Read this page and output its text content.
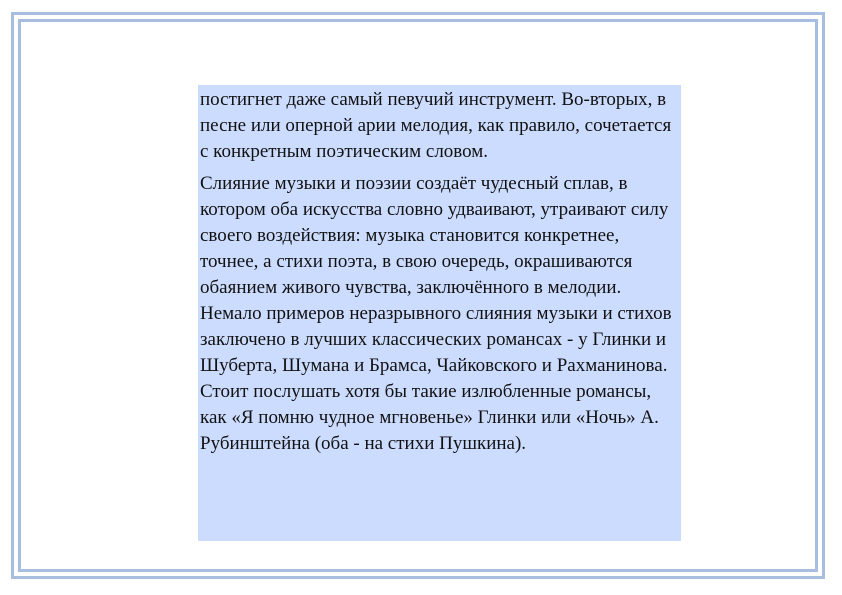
постигнет даже самый певучий инструмент. Во-вторых, в песне или оперной арии мелодия, как правило, сочетается с конкретным поэтическим словом.

Слияние музыки и поэзии создаёт чудесный сплав, в котором оба искусства словно удваивают, утраивают силу своего воздействия: музыка становится конкретнее, точнее, а стихи поэта, в свою очередь, окрашиваются обаянием живого чувства, заключённого в мелодии. Немало примеров неразрывного слияния музыки и стихов заключено в лучших классических романсах - у Глинки и Шуберта, Шумана и Брамса, Чайковского и Рахманинова. Стоит послушать хотя бы такие излюбленные романсы, как «Я помню чудное мгновенье» Глинки или «Ночь» А. Рубинштейна (оба - на стихи Пушкина).
